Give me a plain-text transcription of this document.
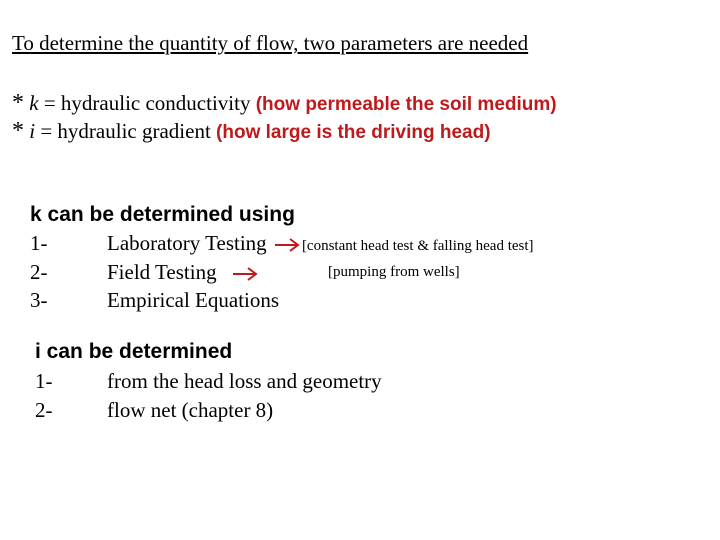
To determine the quantity of flow, two parameters are needed
* k = hydraulic conductivity (how permeable the soil medium)
* i = hydraulic gradient (how large is the driving head)
k can be determined using
1-	Laboratory Testing [constant head test & falling head test]
2-	Field Testing	[pumping from wells]
3-	Empirical Equations
i can be determined
1-	from the head loss and geometry
2-	flow net (chapter 8)
